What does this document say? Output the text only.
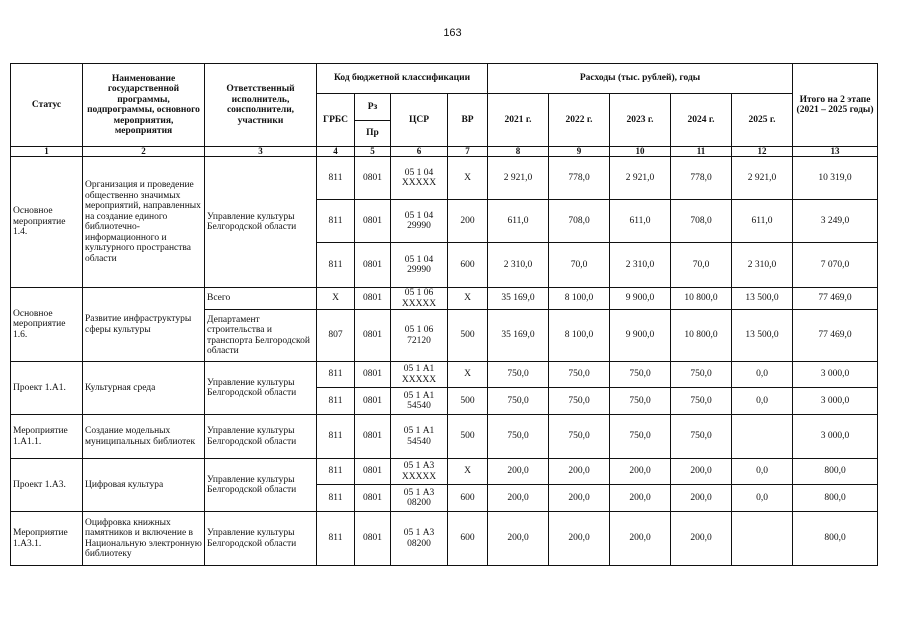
163
Статус	Наименование государственной программы, подпрограммы, основного мероприятия, мероприятия	Ответственный исполнитель, соисполнители, участники	Код бюджетной классификации				Расходы (тыс. рублей), годы					Итого на 2 этапе (2021 – 2025 годы)
			ГРБС	Рз	ЦСР	ВР	2021 г.	2022 г.	2023 г.	2024 г.	2025 г.	
				Пр								
1	2	3	4	5	6	7	8	9	10	11	12	13
Основное мероприятие 1.4.	Организация и проведение общественно значимых мероприятий, направленных на создание единого библиотечно-информационного и культурного пространства области	Управление культуры Белгородской области	811	0801	05 1 04 XXXXX	X	2 921,0	778,0	2 921,0	778,0	2 921,0	10 319,0
			811	0801	05 1 04 29990	200	611,0	708,0	611,0	708,0	611,0	3 249,0
			811	0801	05 1 04 29990	600	2 310,0	70,0	2 310,0	70,0	2 310,0	7 070,0
Основное мероприятие 1.6.	Развитие инфраструктуры сферы культуры	Всего	X	0801	05 1 06 XXXXX	X	35 169,0	8 100,0	9 900,0	10 800,0	13 500,0	77 469,0
		Департамент строительства и транспорта Белгородской области	807	0801	05 1 06 72120	500	35 169,0	8 100,0	9 900,0	10 800,0	13 500,0	77 469,0
Проект 1.А1.	Культурная среда	Управление культуры Белгородской области	811	0801	05 1 А1 XXXXX	X	750,0	750,0	750,0	750,0	0,0	3 000,0
			811	0801	05 1 А1 54540	500	750,0	750,0	750,0	750,0	0,0	3 000,0
Мероприятие 1.А1.1.	Создание модельных муниципальных библиотек	Управление культуры Белгородской области	811	0801	05 1 А1 54540	500	750,0	750,0	750,0	750,0		3 000,0
Проект 1.А3.	Цифровая культура	Управление культуры Белгородской области	811	0801	05 1 А3 XXXXX	X	200,0	200,0	200,0	200,0	0,0	800,0
			811	0801	05 1 А3 08200	600	200,0	200,0	200,0	200,0	0,0	800,0
Мероприятие 1.А3.1.	Оцифровка книжных памятников и включение в Национальную электронную библиотеку	Управление культуры Белгородской области	811	0801	05 1 А3 08200	600	200,0	200,0	200,0	200,0		800,0
